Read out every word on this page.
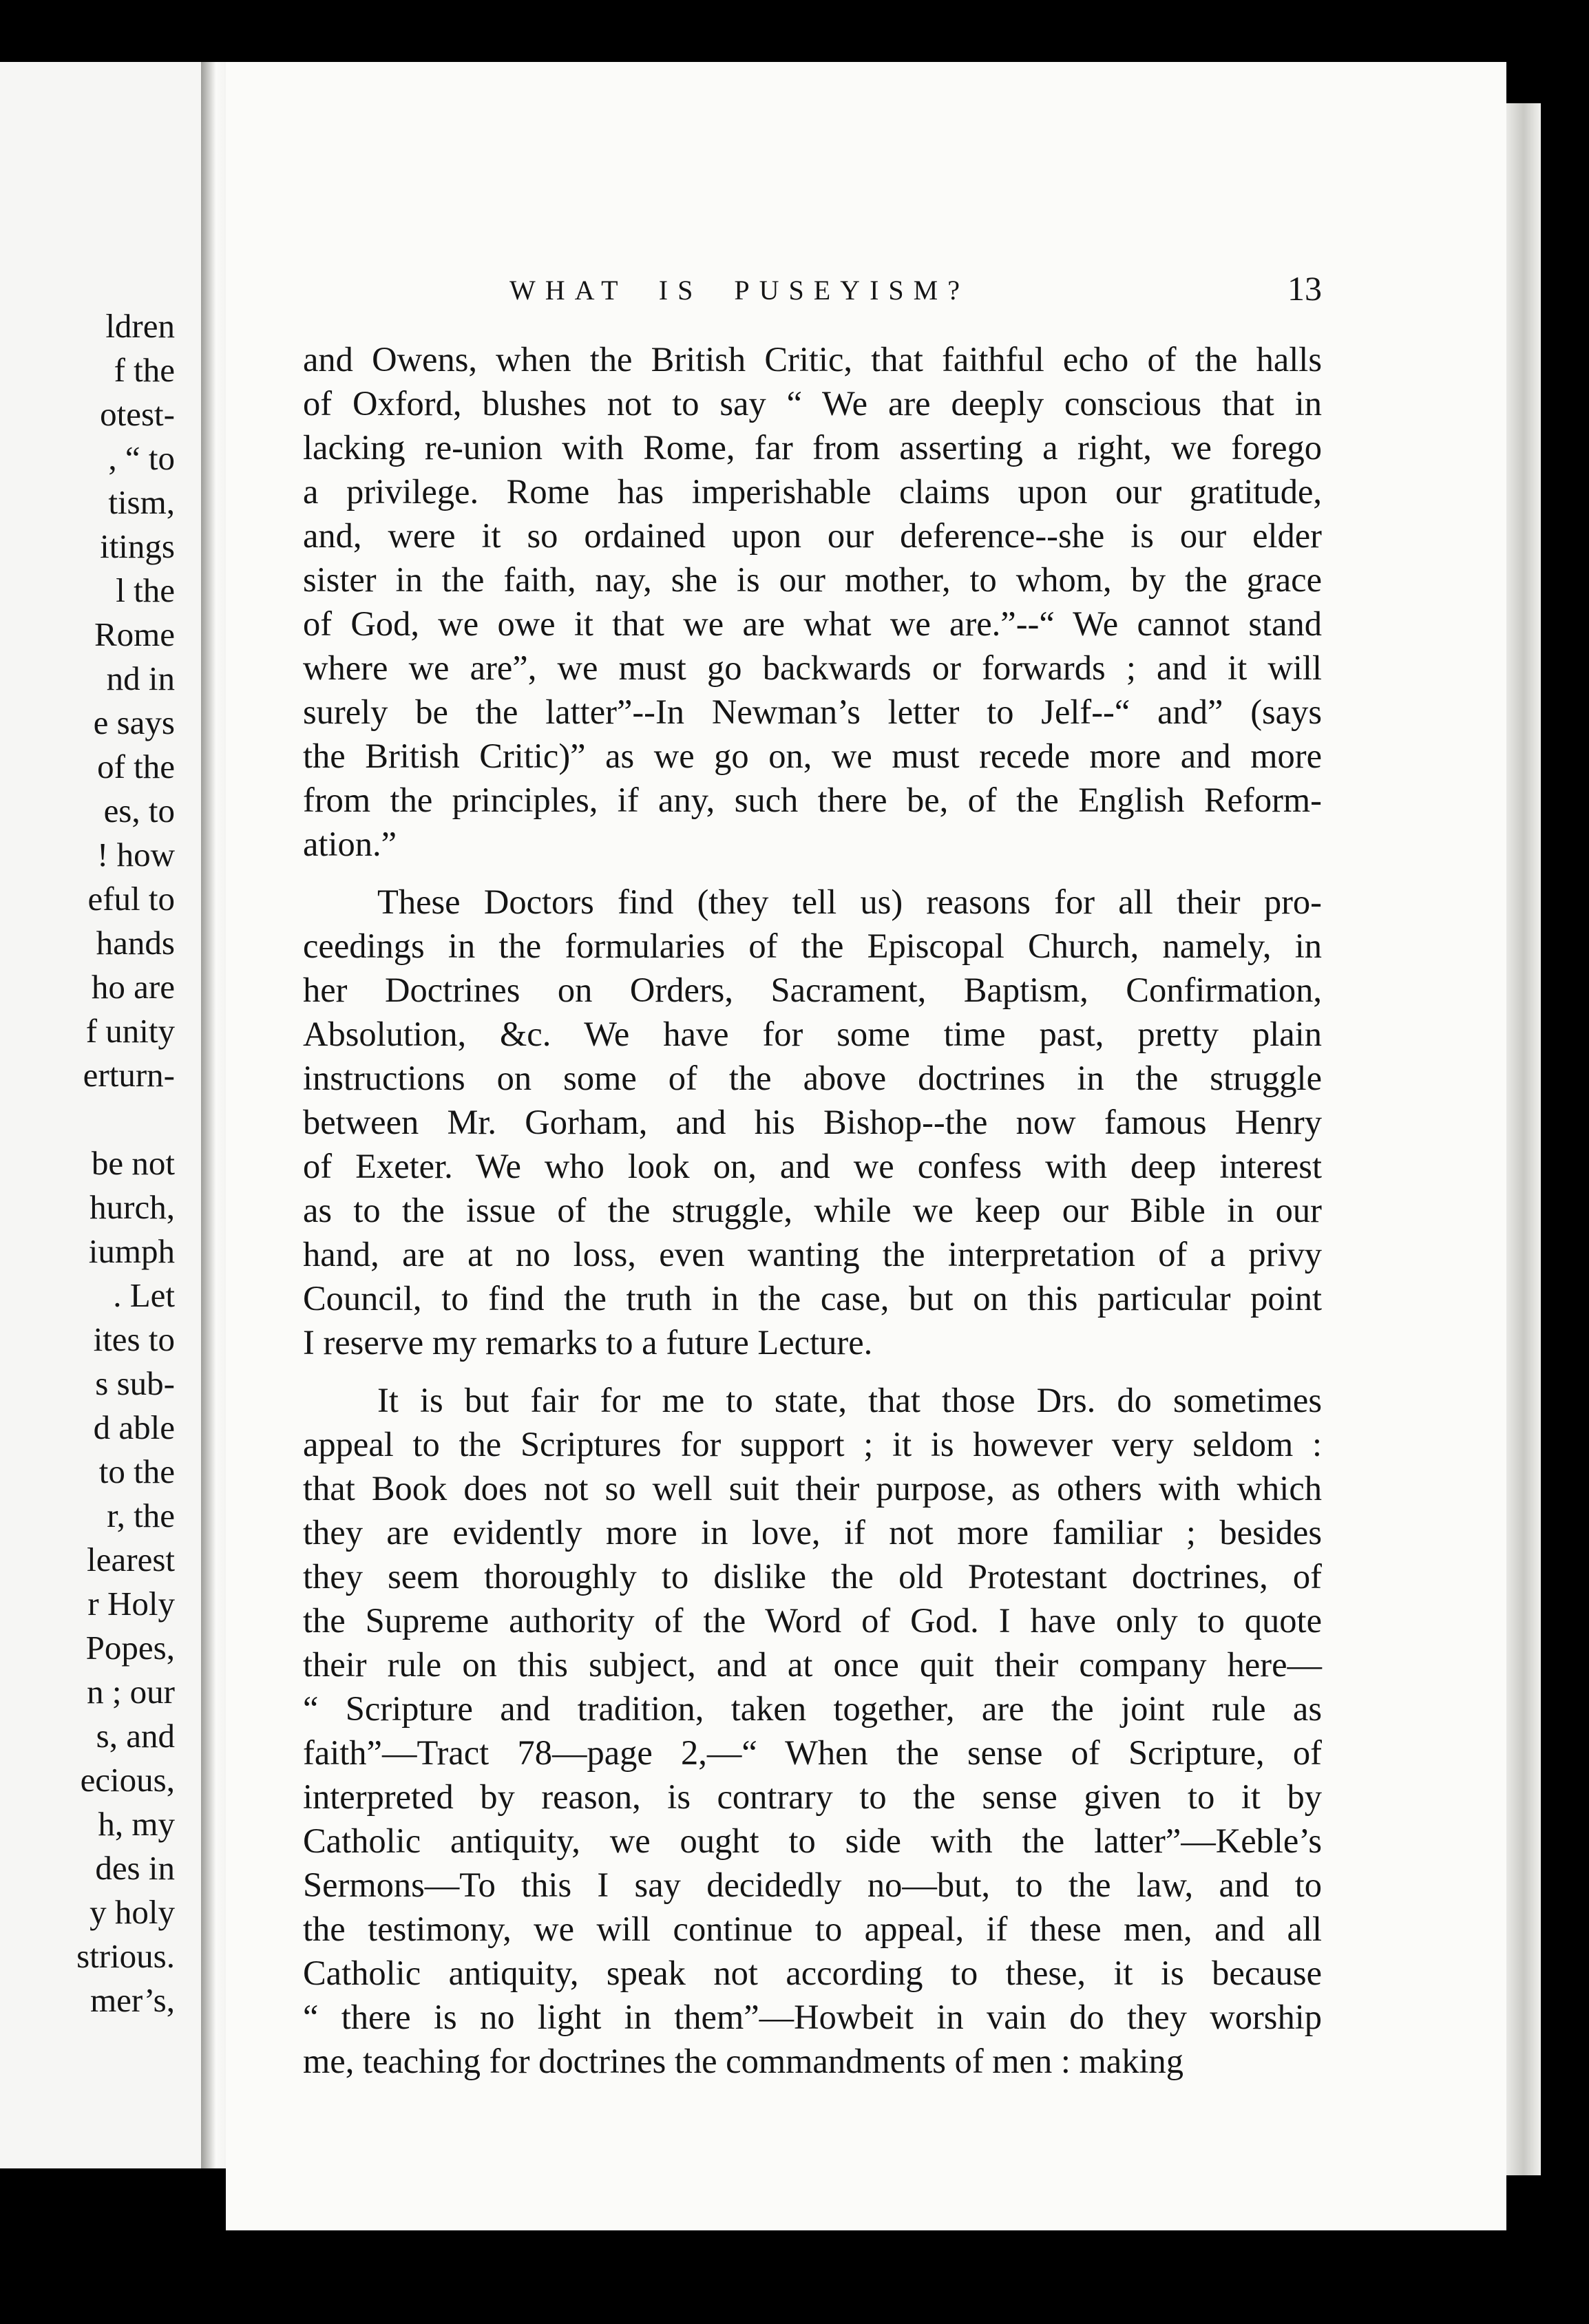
ldren
f the
otest-
, “ to
tism,
itings
l the
Rome
nd in
e says
of the
es, to
! how
eful to
hands
ho are
f unity
erturn-
be not
hurch,
iumph
. Let
ites to
s sub-
d able
to the
r, the
learest
r Holy
Popes,
n ; our
s, and
ecious,
h, my
des in
y holy
strious.
mer’s,
WHAT IS PUSEYISM?	13
and Owens, when the British Critic, that faithful echo of the halls
of Oxford, blushes not to say “ We are deeply conscious that in
lacking re-union with Rome, far from asserting a right, we forego
a privilege. Rome has imperishable claims upon our gratitude,
and, were it so ordained upon our deference--she is our elder
sister in the faith, nay, she is our mother, to whom, by the grace
of God, we owe it that we are what we are.”--“ We cannot stand
where we are”, we must go backwards or forwards ; and it will
surely be the latter”--In Newman’s letter to Jelf--“ and” (says
the British Critic)” as we go on, we must recede more and more
from the principles, if any, such there be, of the English Reform-
ation.”
These Doctors find (they tell us) reasons for all their pro-
ceedings in the formularies of the Episcopal Church, namely, in
her Doctrines on Orders, Sacrament, Baptism, Confirmation,
Absolution, &c. We have for some time past, pretty plain
instructions on some of the above doctrines in the struggle
between Mr. Gorham, and his Bishop--the now famous Henry
of Exeter. We who look on, and we confess with deep interest
as to the issue of the struggle, while we keep our Bible in our
hand, are at no loss, even wanting the interpretation of a privy
Council, to find the truth in the case, but on this particular point
I reserve my remarks to a future Lecture.
It is but fair for me to state, that those Drs. do sometimes
appeal to the Scriptures for support ; it is however very seldom :
that Book does not so well suit their purpose, as others with which
they are evidently more in love, if not more familiar ; besides
they seem thoroughly to dislike the old Protestant doctrines, of
the Supreme authority of the Word of God. I have only to quote
their rule on this subject, and at once quit their company here—
“ Scripture and tradition, taken together, are the joint rule as
faith”—Tract 78—page 2,—“ When the sense of Scripture, of
interpreted by reason, is contrary to the sense given to it by
Catholic antiquity, we ought to side with the latter”—Keble’s
Sermons—To this I say decidedly no—but, to the law, and to
the testimony, we will continue to appeal, if these men, and all
Catholic antiquity, speak not according to these, it is because
“ there is no light in them”—Howbeit in vain do they worship
me, teaching for doctrines the commandments of men : making
